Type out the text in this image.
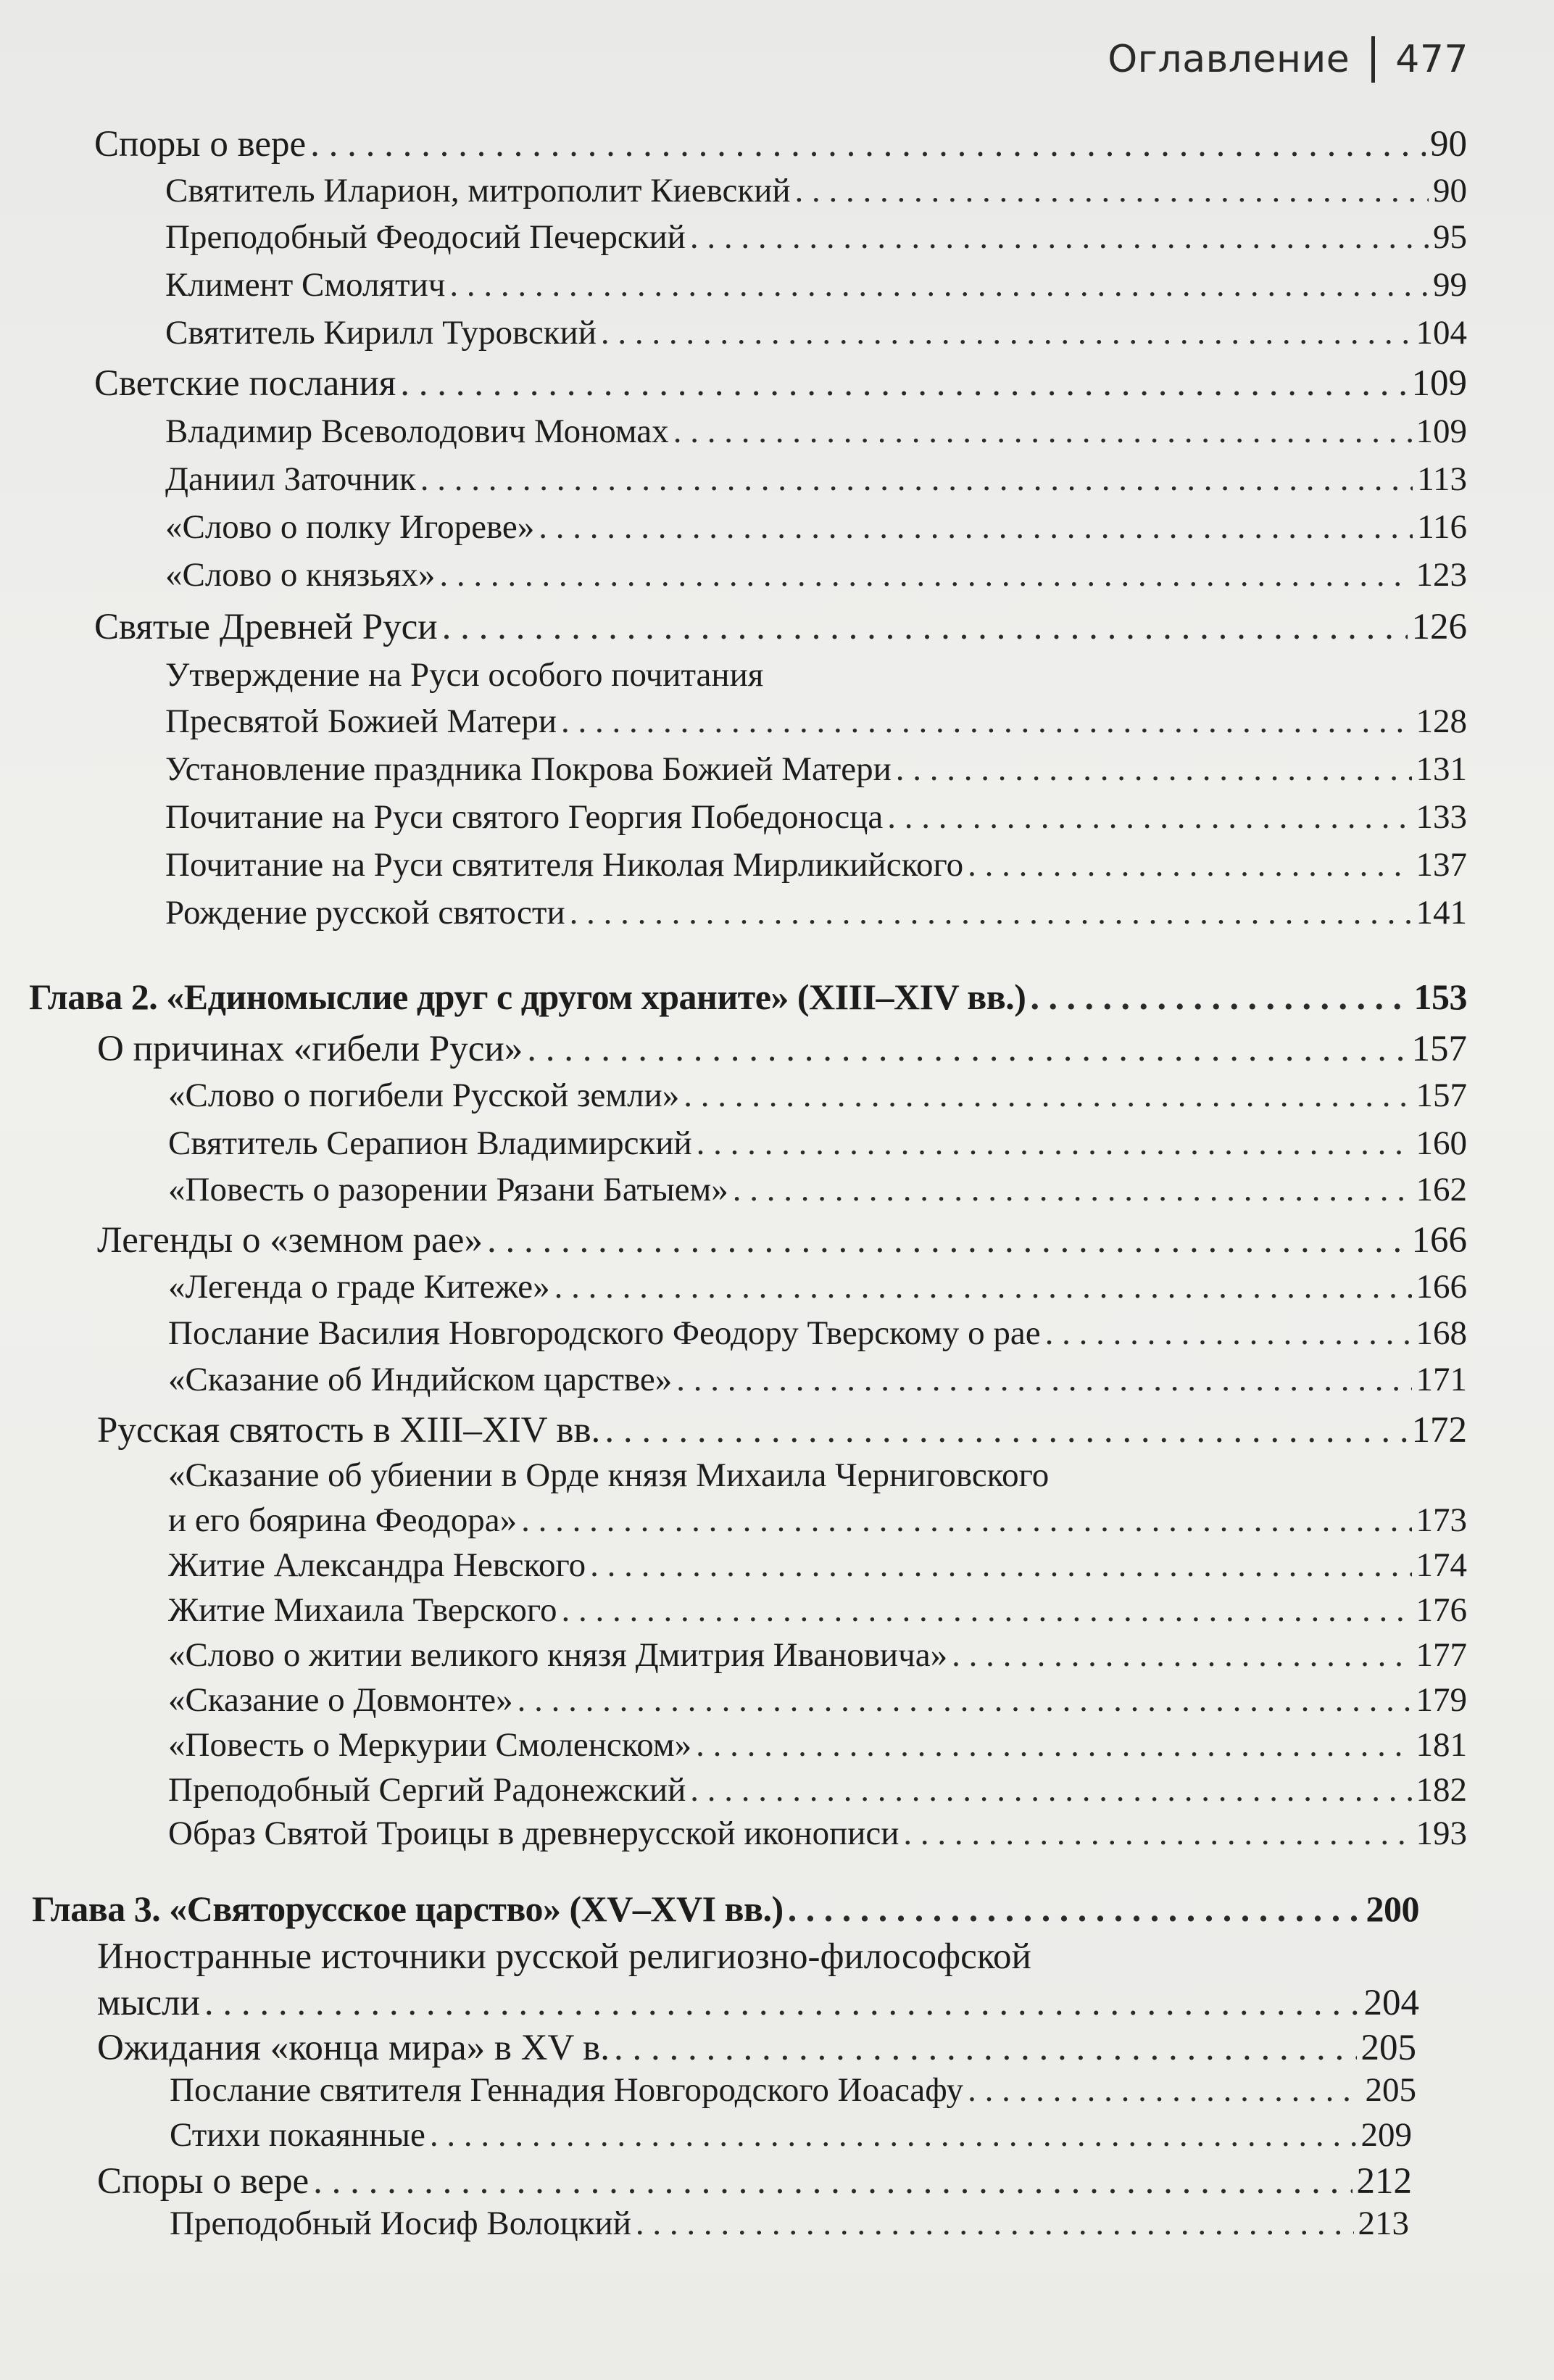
Оглавление 477
Споры о вере . . .	90
Святитель Иларион, митрополит Киевский . . .	90
Преподобный Феодосий Печерский . . .	95
Климент Смолятич . . .	99
Святитель Кирилл Туровский . . .	104
Светские послания . . .	109
Владимир Всеволодович Мономах . . .	109
Даниил Заточник . . .	113
«Слово о полку Игореве» . . .	116
«Слово о князьях» . . .	123
Святые Древней Руси . . .	126
Утверждение на Руси особого почитания
Пресвятой Божией Матери . . .	128
Установление праздника Покрова Божией Матери . . .	131
Почитание на Руси святого Георгия Победоносца . . .	133
Почитание на Руси святителя Николая Мирликийского . . .	137
Рождение русской святости . . .	141
Глава 2. «Единомыслие друг с другом храните» (XIII–XIV вв.) . . .	153
О причинах «гибели Руси» . . .	157
«Слово о погибели Русской земли» . . .	157
Святитель Серапион Владимирский . . .	160
«Повесть о разорении Рязани Батыем» . . .	162
Легенды о «земном рае» . . .	166
«Легенда о граде Китеже» . . .	166
Послание Василия Новгородского Феодору Тверскому о рае . . .	168
«Сказание об Индийском царстве» . . .	171
Русская святость в XIII–XIV вв. . . .	172
«Сказание об убиении в Орде князя Михаила Черниговского
и его боярина Феодора» . . .	173
Житие Александра Невского . . .	174
Житие Михаила Тверского . . .	176
«Слово о житии великого князя Дмитрия Ивановича» . . .	177
«Сказание о Довмонте» . . .	179
«Повесть о Меркурии Смоленском» . . .	181
Преподобный Сергий Радонежский . . .	182
Образ Святой Троицы в древнерусской иконописи . . .	193
Глава 3. «Святорусское царство» (XV–XVI вв.) . . .	200
Иностранные источники русской религиозно-философской
мысли . . .	204
Ожидания «конца мира» в XV в. . . .	205
Послание святителя Геннадия Новгородского Иоасафу . . .	205
Стихи покаянные . . .	209
Споры о вере . . .	212
Преподобный Иосиф Волоцкий . . .	213
